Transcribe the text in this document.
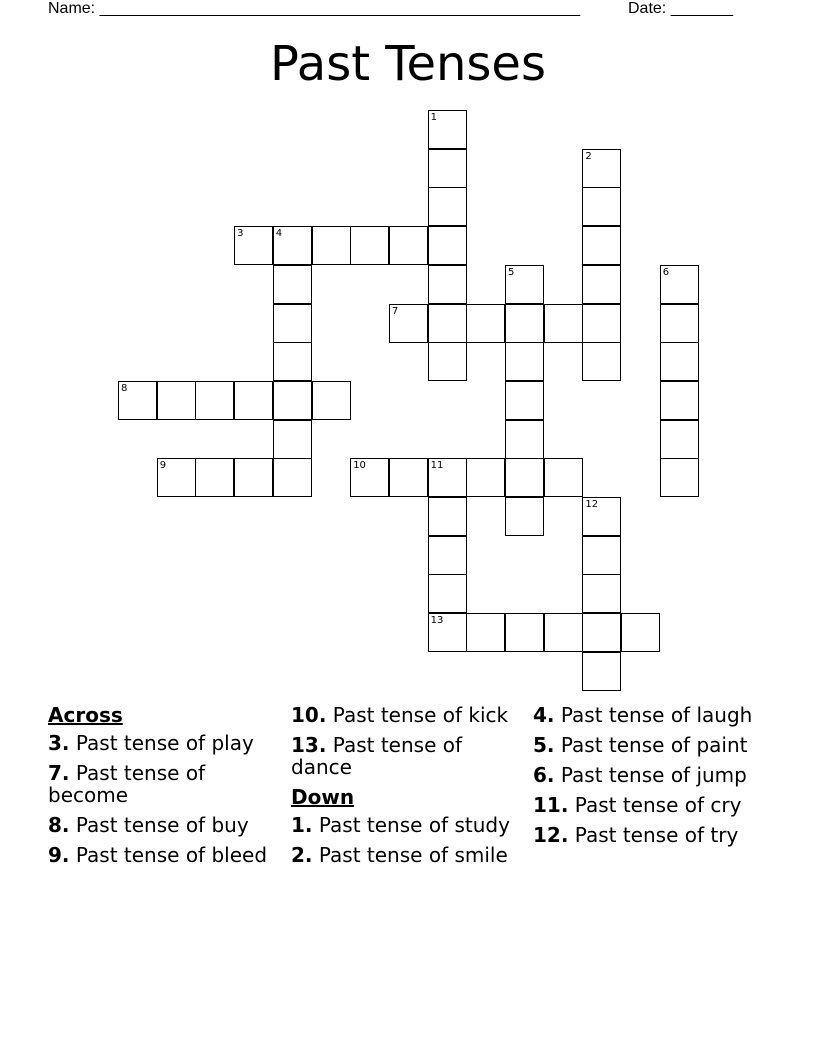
Name: ______________________________________________________	Date: _______
Past Tenses
1
2
3	4
5	6
7
8
9	10	11
13
12
Across
3. Past tense of play
7. Past tense of become
8. Past tense of buy
9. Past tense of bleed
10. Past tense of kick
13. Past tense of dance
Down
1. Past tense of study
2. Past tense of smile
4. Past tense of laugh
5. Past tense of paint
6. Past tense of jump
11. Past tense of cry
12. Past tense of try
